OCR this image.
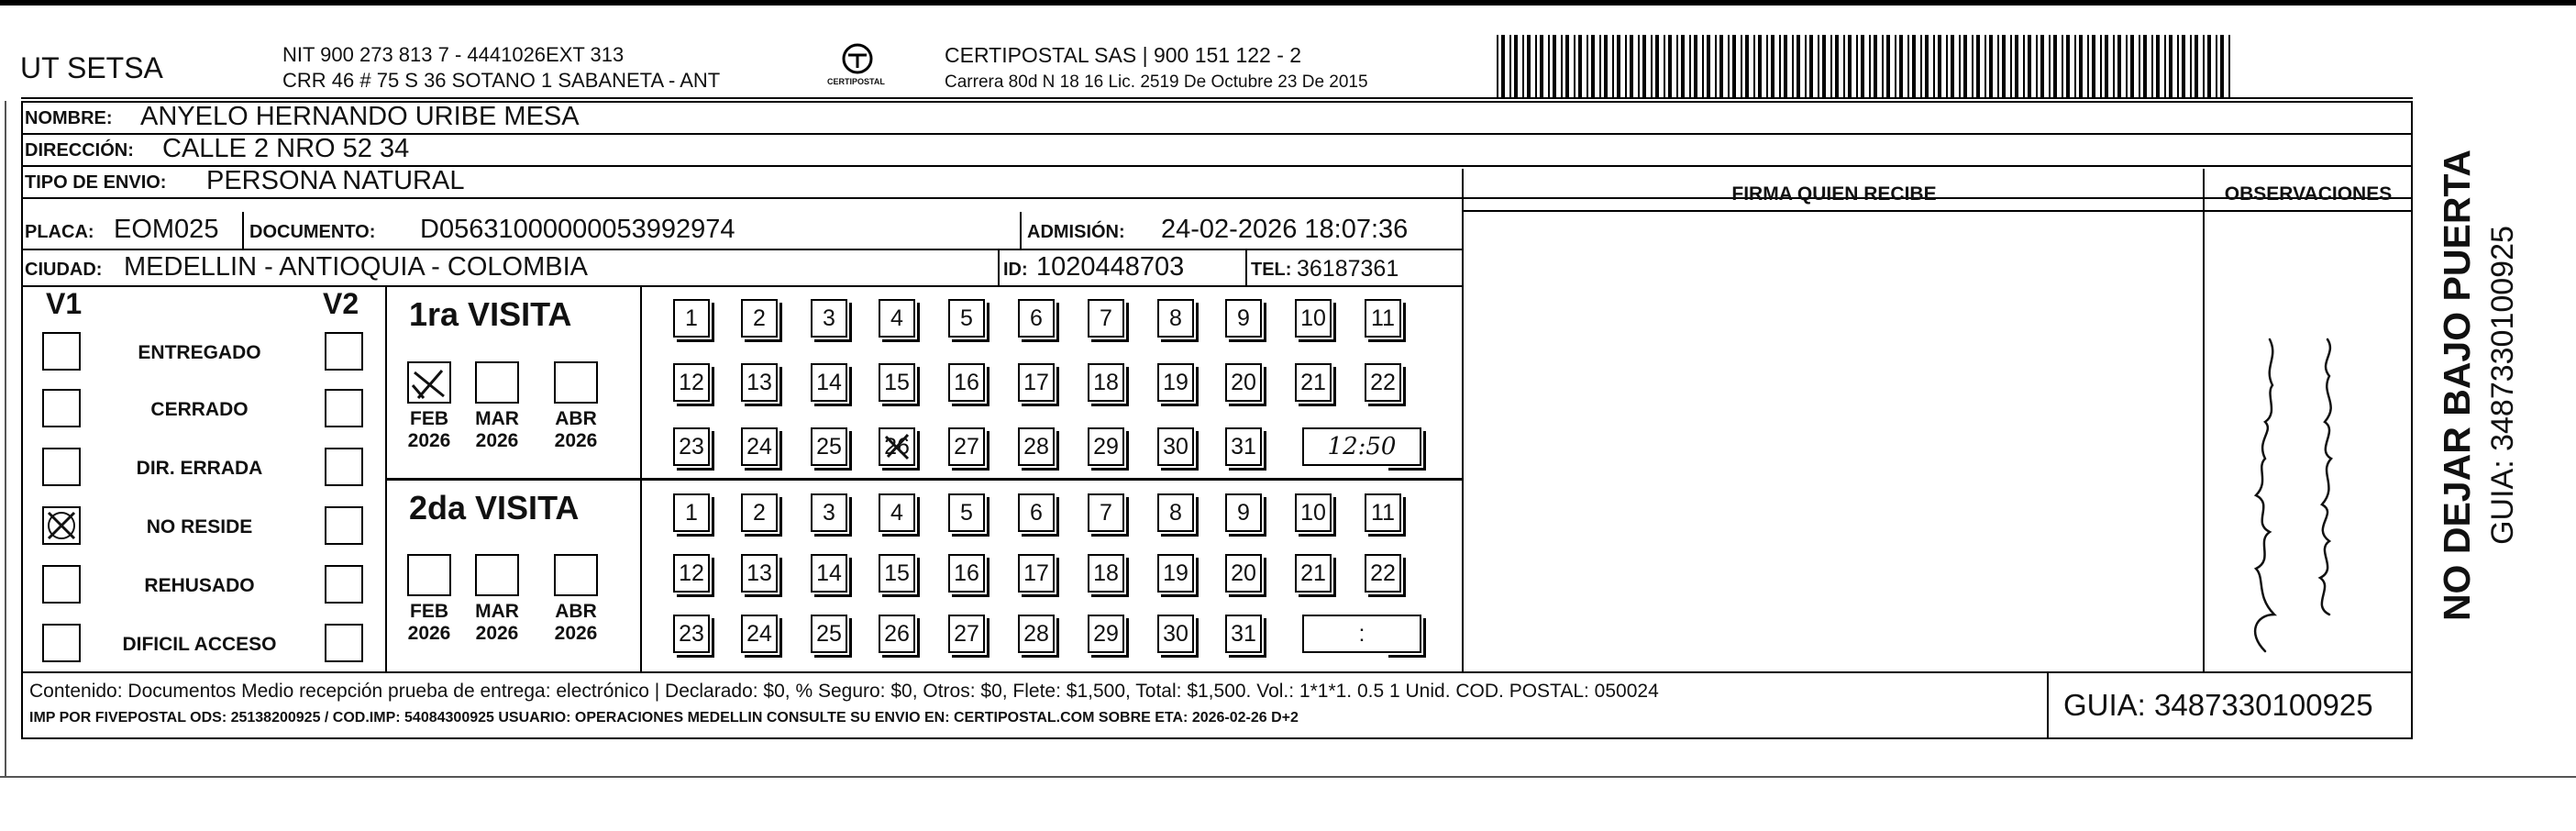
UT SETSA	NIT 900 273 813 7 - 4441026EXT 313
CRR 46 # 75 S 36 SOTANO 1 SABANETA - ANT	CERTIPOSTAL
CERTIPOSTAL SAS | 900 151 122 - 2
Carrera 80d N 18 16 Lic. 2519 De Octubre 23 De 2015
NOMBRE: ANYELO HERNANDO URIBE MESA
DIRECCIÓN: CALLE 2 NRO 52 34
TIPO DE ENVIO: PERSONA NATURAL	FIRMA QUIEN RECIBE	OBSERVACIONES
PLACA: EOM025 DOCUMENTO: D05631000000053992974	ADMISIÓN: 24-02-2026 18:07:36
CIUDAD: MEDELLIN - ANTIOQUIA - COLOMBIA	ID: 1020448703	TEL: 36187361
V1	V2
ENTREGADO
CERRADO
DIR. ERRADA
NO RESIDE
REHUSADO
DIFICIL ACCESO
1ra VISITA
2da VISITA
FEB
2026
MAR
2026
ABR
2026
FEB
2026
MAR
2026
ABR
2026
1	2	3	4	5	6	7	8	9	10 11
12 13 14 15 16 17 18 19 20 21 22
23 24 25 26 27 28 29 30 31
1	2	3	4	5	6	7	8	9	10 11
12 13 14 15 16 17 18 19 20 21 22
23 24 25 26 27 28 29 30 31
12:50
:
Contenido: Documentos Medio recepción prueba de entrega: electrónico | Declarado: $0, % Seguro: $0, Otros: $0, Flete: $1,500, Total: $1,500. Vol.: 1*1*1. 0.5 1 Unid. COD. POSTAL: 050024
IMP POR FIVEPOSTAL ODS: 25138200925 / COD.IMP: 54084300925 USUARIO: OPERACIONES MEDELLIN CONSULTE SU ENVIO EN: CERTIPOSTAL.COM SOBRE ETA: 2026-02-26 D+2	GUIA: 3487330100925
NO DEJAR BAJO PUERTA GUIA: 3487330100925
